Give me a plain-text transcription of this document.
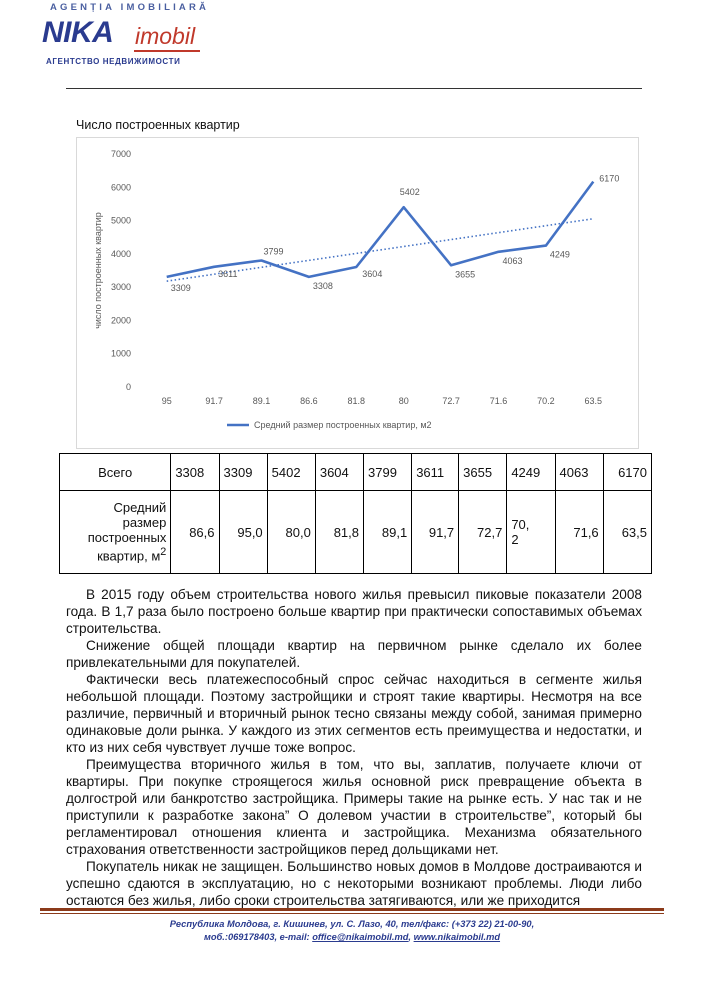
AGENȚIA IMOBILIARĂ
NIKA imobil
АГЕНТСТВО НЕДВИЖИМОСТИ
Число построенных квартир
0
1000
2000
3000
4000
5000
6000
7000
95	91.7	89.1	86.6	81.8	80	72.7	71.6	70.2	63.5
число построенных квартир	3309
3611
3799
3308
3604
5402
3655
4063
4249
6170
Средний размер построенных квартир, м2
Всего	3308	3309	5402	3604	3799	3611	3655	4249	4063	6170
Средний
размер
построенных
квартир, $м^2$	86,6	95,0	80,0	81,8	89,1	91,7	72,7	70, 2	71,6	63,5

В 2015 году объем строительства нового жилья превысил пиковые показатели 2008 года. В 1,7 раза было построено больше квартир при практически сопоставимых объемах строительства.

Снижение общей площади квартир на первичном рынке сделало их более привлекательными для покупателей.

Фактически весь платежеспособный спрос сейчас находиться в сегменте жилья небольшой площади. Поэтому застройщики и строят такие квартиры. Несмотря на все различие, первичный и вторичный рынок тесно связаны между собой, занимая примерно одинаковые доли рынка. У каждого из этих сегментов есть преимущества и недостатки, и кто из них себя чувствует лучше тоже вопрос.

Преимущества вторичного жилья в том, что вы, заплатив, получаете ключи от квартиры. При покупке строящегося жилья основной риск превращение объекта в долгострой или банкротство застройщика. Примеры такие на рынке есть. У нас так и не приступили к разработке закона” О долевом участии в строительстве”, который бы регламентировал отношения клиента и застройщика. Механизма обязательного страхования ответственности застройщиков перед дольщиками нет.

Покупатель никак не защищен. Большинство новых домов в Молдове достраиваются и успешно сдаются в эксплуатацию, но с некоторыми возникают проблемы. Люди либо остаются без жилья, либо сроки строительства затягиваются, или же приходится

Республика Молдова, г. Кишинев, ул. С. Лазо, 40, тел/факс: (+373 22) 21-00-90,
моб.:069178403, e-mail: office@nikaimobil.md, www.nikaimobil.md
